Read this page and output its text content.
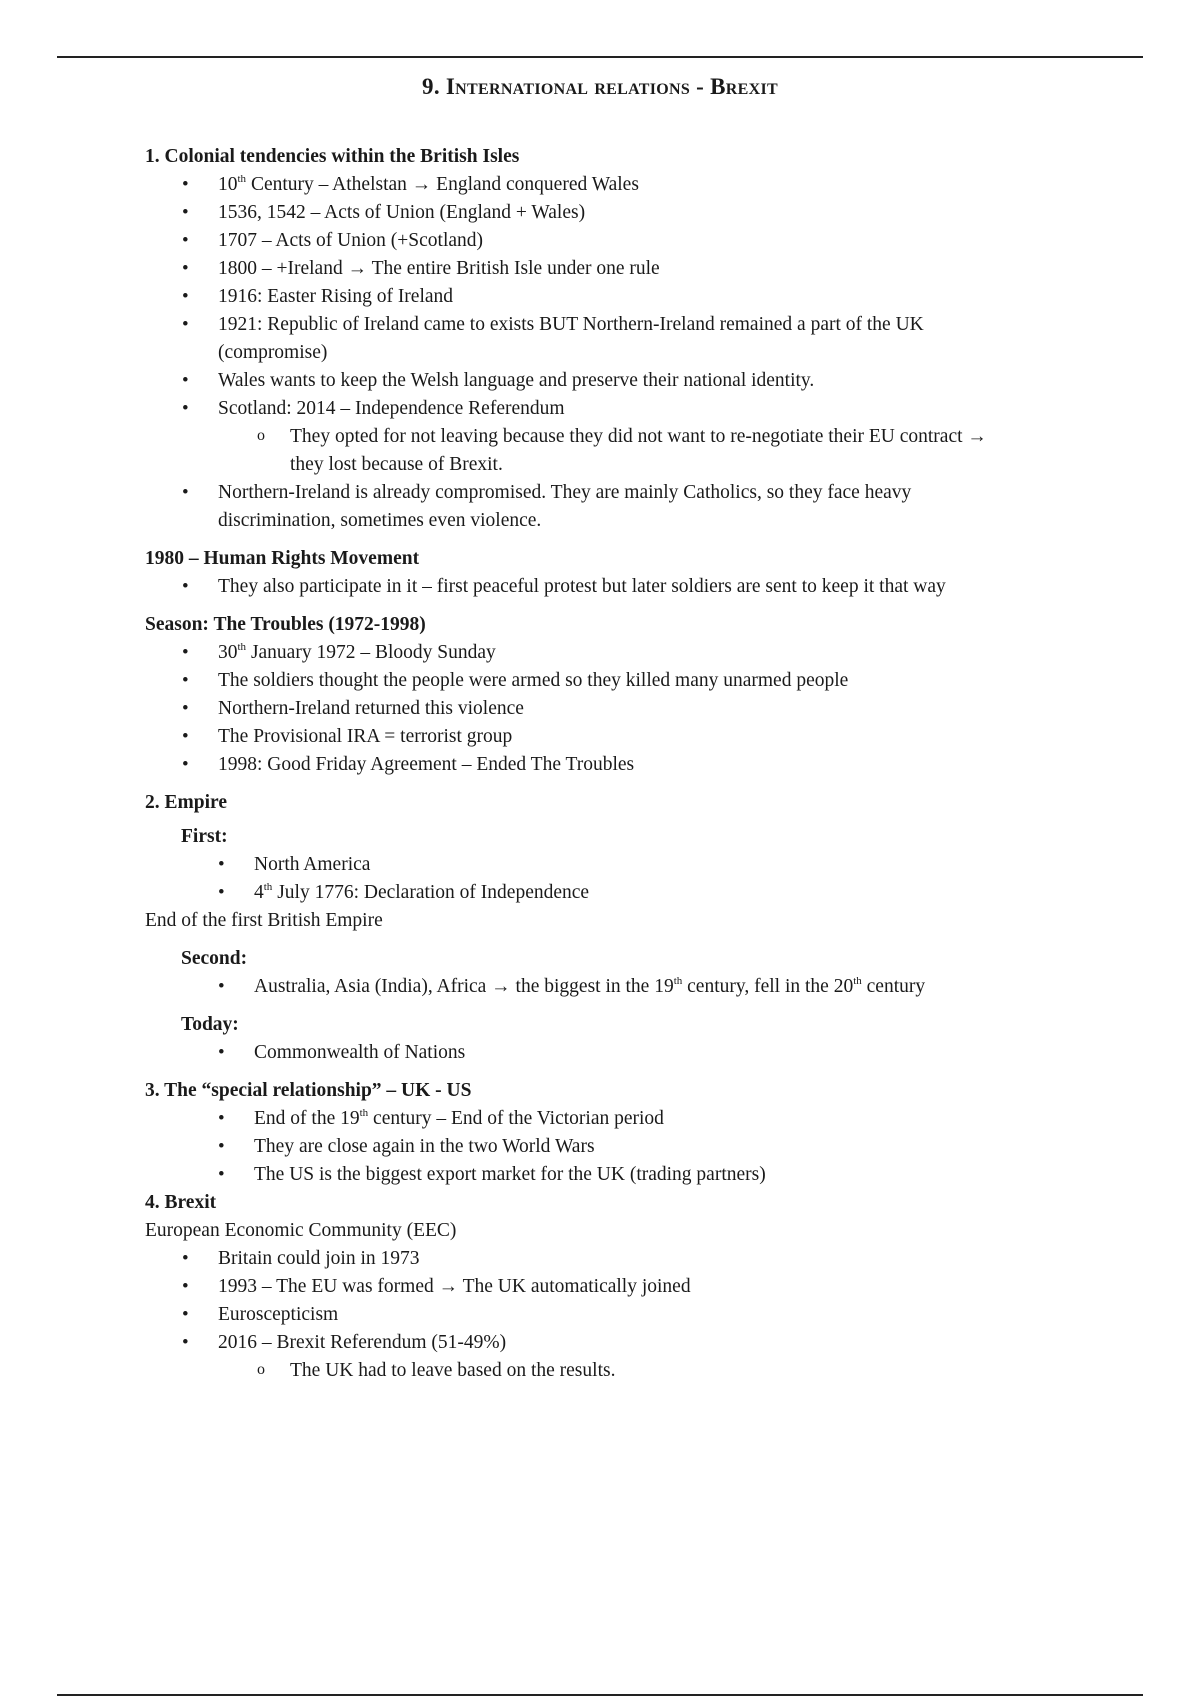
9. International relations - Brexit
1. Colonial tendencies within the British Isles
• 10th Century – Athelstan → England conquered Wales
• 1536, 1542 – Acts of Union (England + Wales)
• 1707 – Acts of Union (+Scotland)
• 1800 – +Ireland → The entire British Isle under one rule
• 1916: Easter Rising of Ireland
• 1921: Republic of Ireland came to exists BUT Northern-Ireland remained a part of the UK
(compromise)
• Wales wants to keep the Welsh language and preserve their national identity.
• Scotland: 2014 – Independence Referendum
o They opted for not leaving because they did not want to re-negotiate their EU contract →
they lost because of Brexit.
• Northern-Ireland is already compromised. They are mainly Catholics, so they face heavy
discrimination, sometimes even violence.
1980 – Human Rights Movement
• They also participate in it – first peaceful protest but later soldiers are sent to keep it that way
Season: The Troubles (1972-1998)
• 30th January 1972 – Bloody Sunday
• The soldiers thought the people were armed so they killed many unarmed people
• Northern-Ireland returned this violence
• The Provisional IRA = terrorist group
• 1998: Good Friday Agreement – Ended The Troubles
2. Empire
First:
• North America
• 4th July 1776: Declaration of Independence
End of the first British Empire
Second:
• Australia, Asia (India), Africa → the biggest in the 19th century, fell in the 20th century
Today:
• Commonwealth of Nations
3. The “special relationship” – UK - US
• End of the 19th century – End of the Victorian period
• They are close again in the two World Wars
• The US is the biggest export market for the UK (trading partners)
4. Brexit
European Economic Community (EEC)
• Britain could join in 1973
• 1993 – The EU was formed → The UK automatically joined
• Euroscepticism
• 2016 – Brexit Referendum (51-49%)
o The UK had to leave based on the results.
